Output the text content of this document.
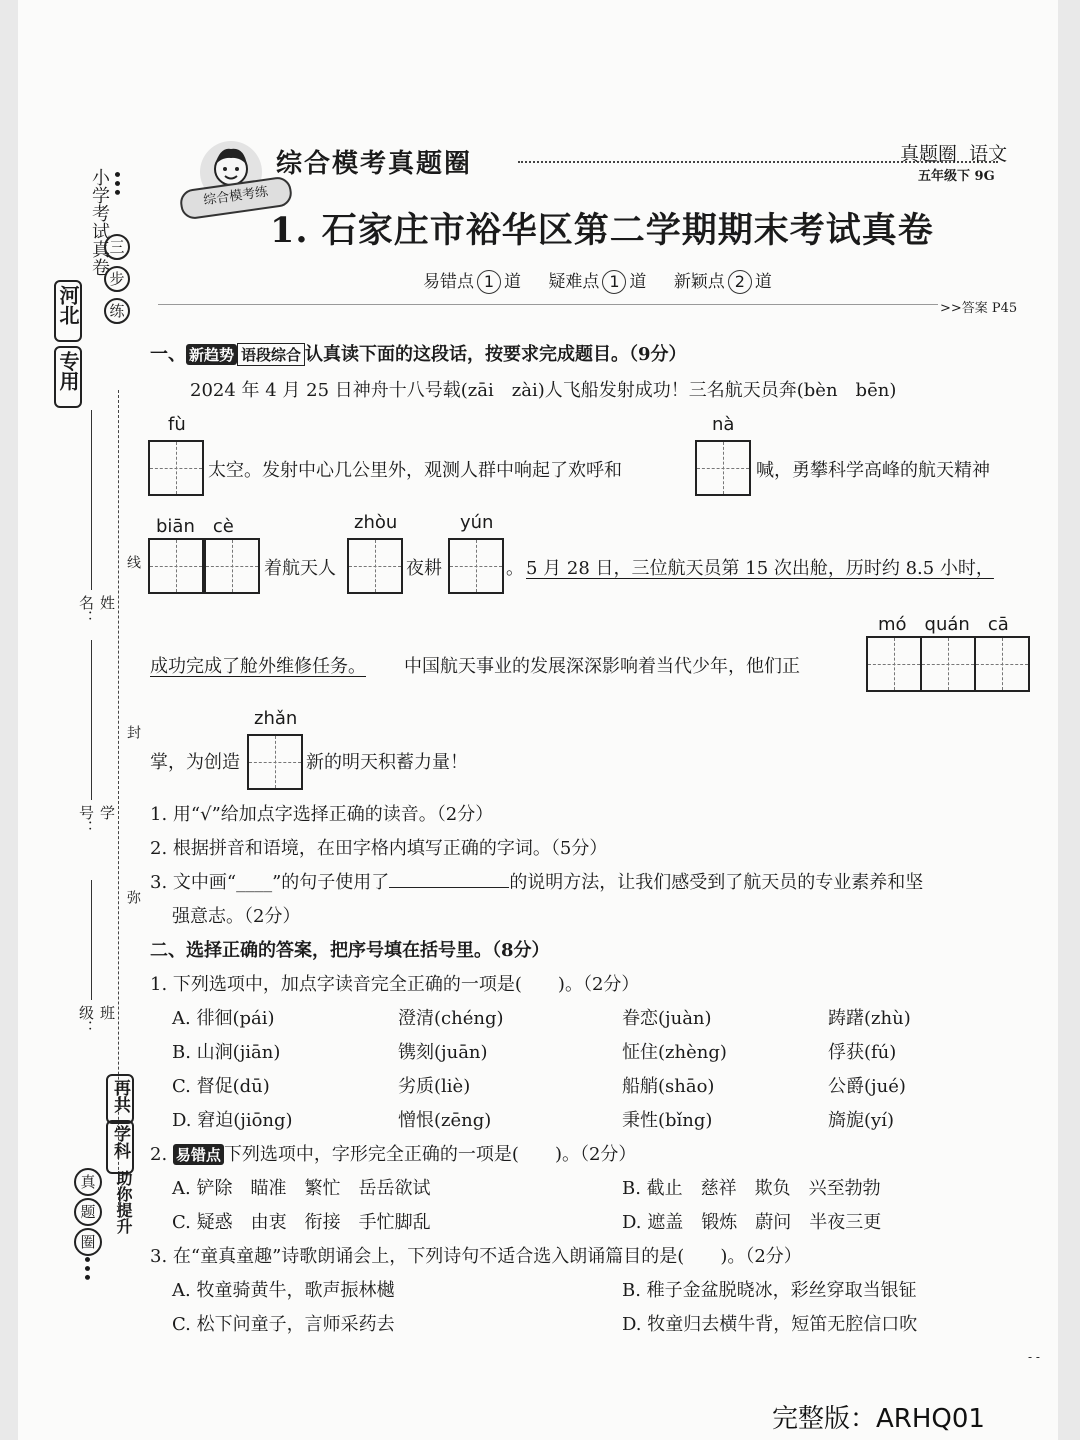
河北
专用
小学考试真卷
•••
三
步
练
线
封
弥
姓名：
学号：
班级：
真
题
圈
学科
再共
助你提升
•••
综合模考练
综合模考真题圈	真题圈 语文
五年级下 9G
1. 石家庄市裕华区第二学期期末考试真卷
易错点 1 道 疑难点 1 道 新颖点 2 道
>>答案 P45
一、 新趋势 语段综合 认真读下面的这段话，按要求完成题目。（9分）
2024 年 4 月 25 日神舟十八号载(zāi　zài)人飞船发射成功！三名航天员奔(bèn　bēn)
fù
太空。发射中心几公里外，观测人群中响起了欢呼和
nà
喊，勇攀科学高峰的航天精神
biān　cè
着航天人
zhòu
夜耕
yún
。 5 月 28 日，三位航天员第 15 次出舱，历时约 8.5 小时，
mó　quán　cā
成功完成了舱外维修任务。 中国航天事业的发展深深影响着当代少年，他们正
zhǎn
掌，为创造	新的明天积蓄力量！
1. 用“√”给加点字选择正确的读音。（2分）
2. 根据拼音和语境，在田字格内填写正确的字词。（5分）
3. 文中画“____”的句子使用了	的说明方法，让我们感受到了航天员的专业素养和坚
强意志。（2分）
二、选择正确的答案，把序号填在括号里。（8分）
1. 下列选项中，加点字读音完全正确的一项是(　　)。（2分）
A. 徘徊(pái)	澄清(chéng)	眷恋(juàn)	踌躇(zhù)
B. 山涧(jiān)	镌刻(juān)	怔住(zhèng)	俘获(fú)
C. 督促(dū)	劣质(liè)	船艄(shāo)	公爵(jué)
D. 窘迫(jiōng)	憎恨(zēng)	秉性(bǐng)	旖旎(yí)
2. 易错点 下列选项中，字形完全正确的一项是(　　)。（2分）
A. 铲除　瞄准　繁忙　岳岳欲试	B. 截止　慈祥　欺负　兴至勃勃
C. 疑惑　由衷　衔接　手忙脚乱	D. 遮盖　锻炼　蔚问　半夜三更
3. 在“童真童趣”诗歌朗诵会上，下列诗句不适合选入朗诵篇目的是(　　)。（2分）
A. 牧童骑黄牛，歌声振林樾	B. 稚子金盆脱晓冰，彩丝穿取当银钲
C. 松下问童子，言师采药去	D. 牧童归去横牛背，短笛无腔信口吹
- -
完整版：ARHQ01
